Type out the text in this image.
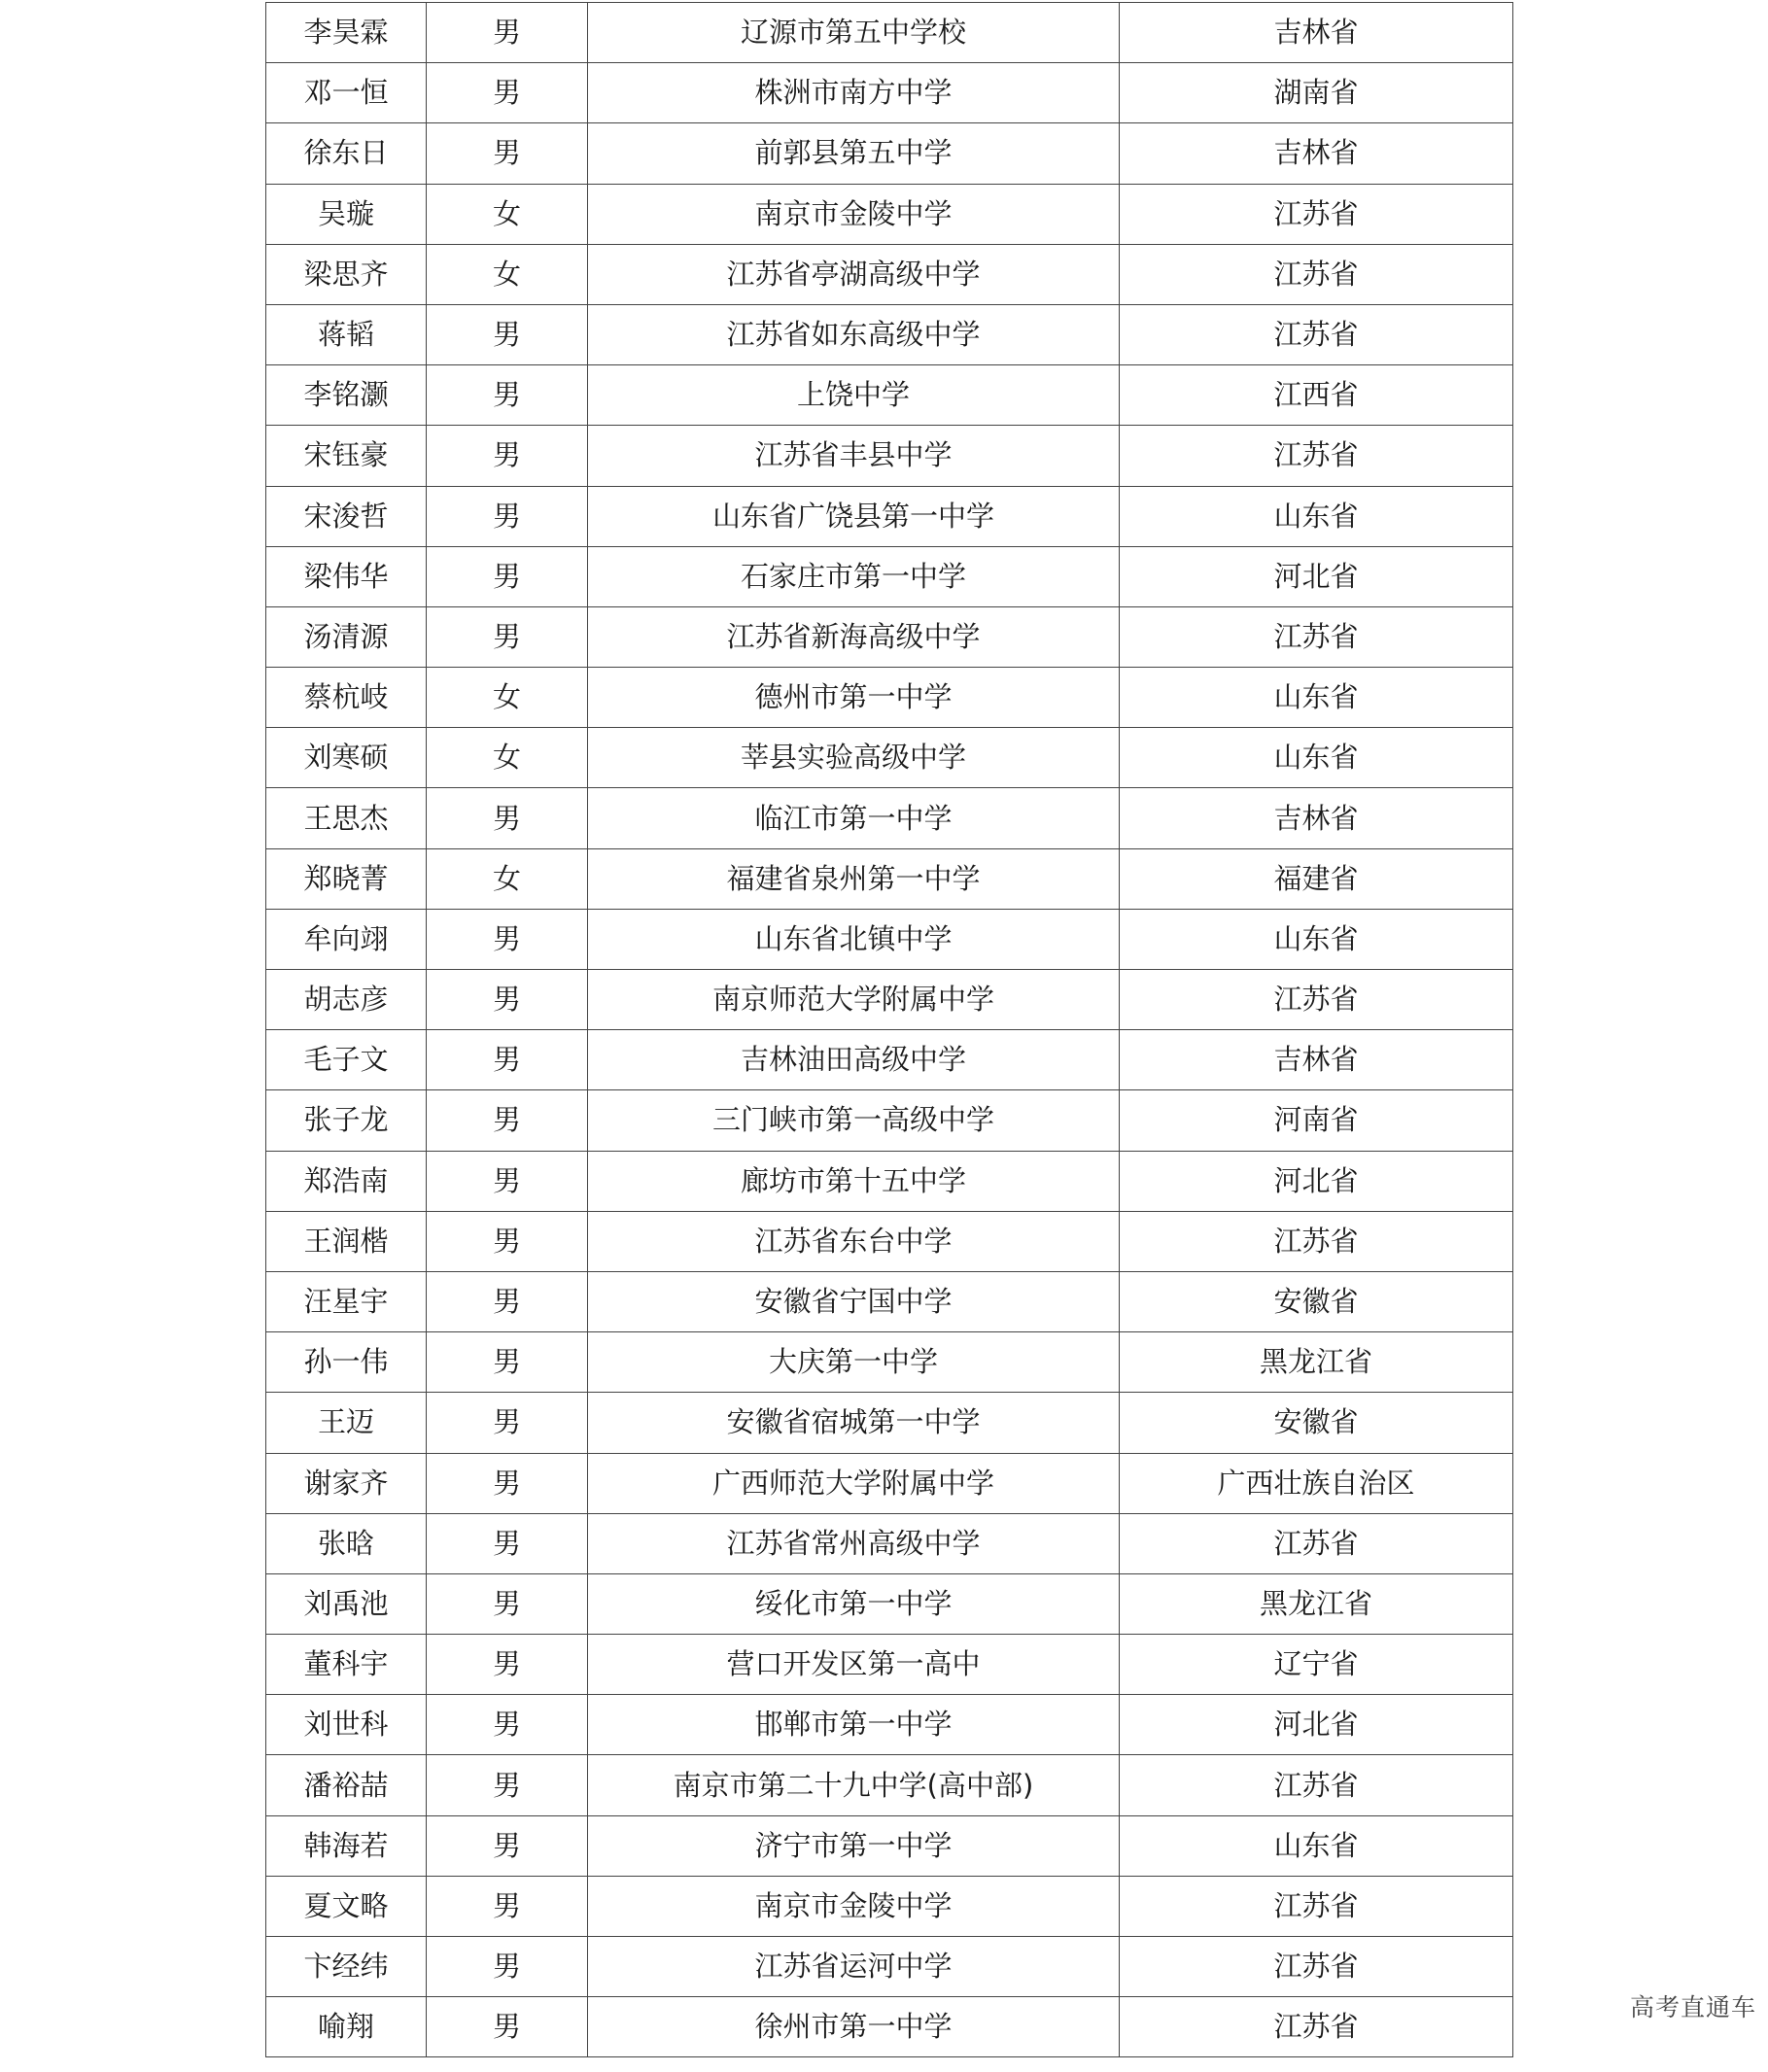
李昊霖	男	辽源市第五中学校	吉林省
邓一恒	男	株洲市南方中学	湖南省
徐东日	男	前郭县第五中学	吉林省
吴璇	女	南京市金陵中学	江苏省
梁思齐	女	江苏省亭湖高级中学	江苏省
蒋韬	男	江苏省如东高级中学	江苏省
李铭灏	男	上饶中学	江西省
宋钰豪	男	江苏省丰县中学	江苏省
宋浚哲	男	山东省广饶县第一中学	山东省
梁伟华	男	石家庄市第一中学	河北省
汤清源	男	江苏省新海高级中学	江苏省
蔡杭岐	女	德州市第一中学	山东省
刘寒硕	女	莘县实验高级中学	山东省
王思杰	男	临江市第一中学	吉林省
郑晓菁	女	福建省泉州第一中学	福建省
牟向翊	男	山东省北镇中学	山东省
胡志彦	男	南京师范大学附属中学	江苏省
毛子文	男	吉林油田高级中学	吉林省
张子龙	男	三门峡市第一高级中学	河南省
郑浩南	男	廊坊市第十五中学	河北省
王润楷	男	江苏省东台中学	江苏省
汪星宇	男	安徽省宁国中学	安徽省
孙一伟	男	大庆第一中学	黑龙江省
王迈	男	安徽省宿城第一中学	安徽省
谢家齐	男	广西师范大学附属中学	广西壮族自治区
张晗	男	江苏省常州高级中学	江苏省
刘禹池	男	绥化市第一中学	黑龙江省
董科宇	男	营口开发区第一高中	辽宁省
刘世科	男	邯郸市第一中学	河北省
潘裕喆	男	南京市第二十九中学(高中部)	江苏省
韩海若	男	济宁市第一中学	山东省
夏文略	男	南京市金陵中学	江苏省
卞经纬	男	江苏省运河中学	江苏省
喻翔	男	徐州市第一中学	江苏省
高考直通车
